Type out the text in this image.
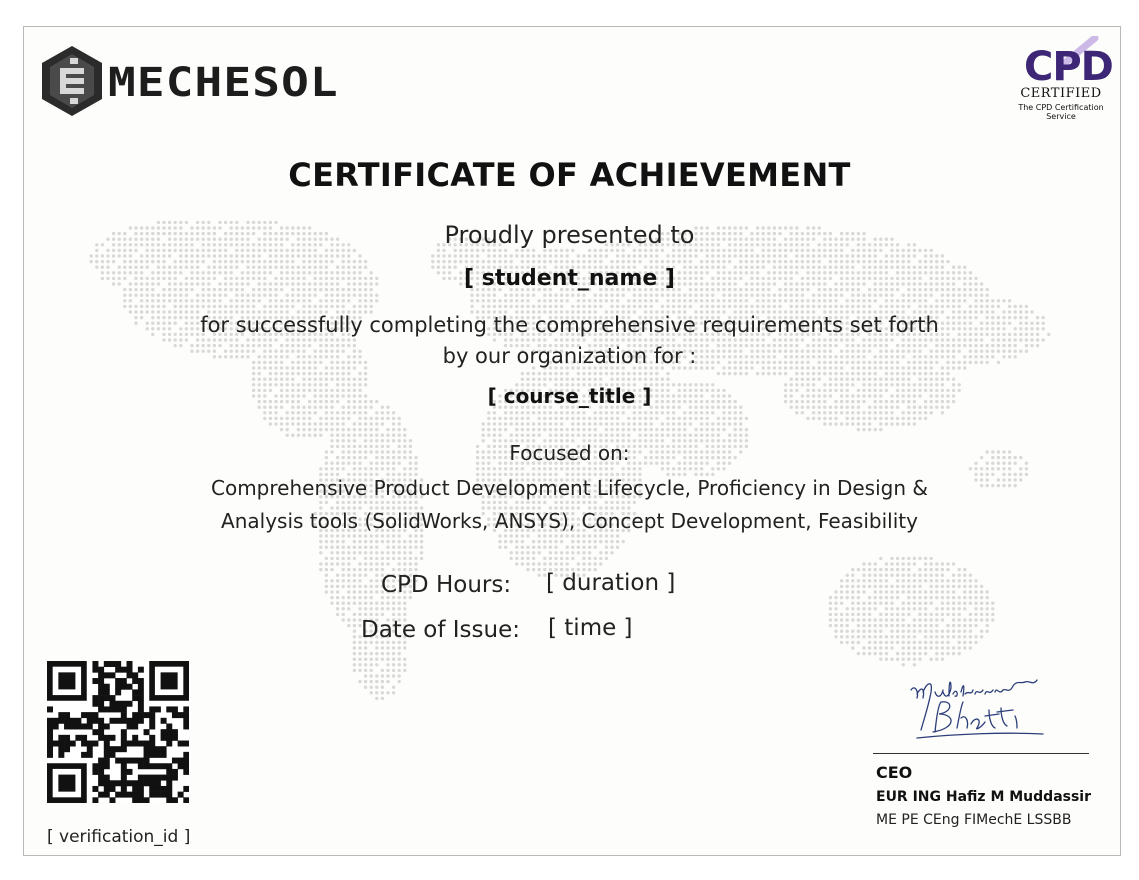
MECHESOL	CPD
CERTIFIED
The CPD Certification Service
CERTIFICATE OF ACHIEVEMENT
Proudly presented to
[ student_name ]
for successfully completing the comprehensive requirements set forth
by our organization for :
[ course_title ]
Focused on:
Comprehensive Product Development Lifecycle, Proficiency in Design &
Analysis tools (SolidWorks, ANSYS), Concept Development, Feasibility
CPD Hours: [ duration ]
Date of Issue: [ time ]
[ verification_id ]
CEO
EUR ING Hafiz M Muddassir
ME PE CEng FIMechE LSSBB
